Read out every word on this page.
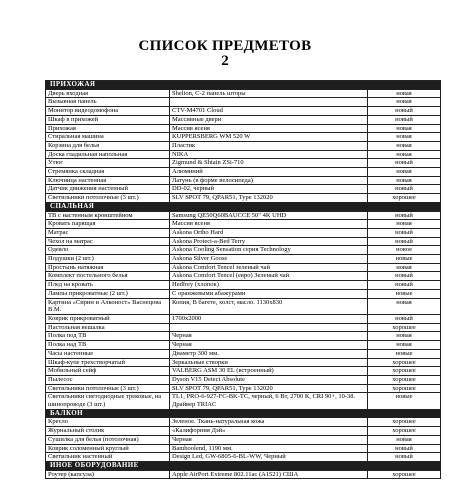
СПИСОК ПРЕДМЕТОВ
2
ПРИХОЖАЯ		
Дверь входная	Shelion, C-2 панель шторы	новая
Вызывная панель		новая
Монитор видеодомофона	CTV-M4701 Cloud	новый
Шкаф в прихожей	Массивные двери	новый
Прихожая	Массив ясеня	новая
Стиральная машина	KUPPERSBERG WM 520 W	новая
Корзина для белья	Пластик	новая
Доска гладильная напольная	NIKA	новая
Утюг	Zigmund & Shtain ZSi-710	новый
Стремянка складная	Алюминий	новая
Ключница настенная	Латунь (в форме велосипеда)	новая
Датчик движения настенный	DD-02, черный	новый
Светильники потолочные (3 шт.)	SLV SPOT 79, QPAR51, Type 132020	хорошее
СПАЛЬНАЯ		
ТВ с настенным кронштейном	Samsung QE50Q60BAUCCE 50" 4K UHD	новый
Кровать парящая	Массив ясеня	новая
Матрас	Askona Ortho Hard	новый
Чехол на матрас	Askona Protect-a-Bed Terry	новый
Одеяло	Askona Cooling Sensation серия Technology	новое
Подушки (2 шт.)	Askona Silver Goose	новые
Простынь натяжная	Askona Comfort Tencel зеленый чай	новая
Комплект постельного белья	Askona Comfort Tencel (евро) Зеленый чай	новый
Плед на кровать	Hedfrey (хлопок)	новый
Лампы прикроватные (2 шт.)	С оранжевыми абажурами	новые
Картина «Сирин и Алконост» Васнецова В.М.	Копия, В багете, холст, масло. 1130х830	новая
Коврик прикроватный	1700х2000	новый
Настольная вешалка		хорошее
Полка под ТВ	Черная	новая
Полка над ТВ	Черная	новая
Часы настенные	Диаметр 300 мм.	новые
Шкаф-купе трехстворчатый	Зеркальные створки	хорошее
Мобильный сейф	VALBERG ASM 30 EL (встроенный)	хорошее
Пылесос	Dyson V15 Detect Absolute	хорошее
Светильники потолочные (3 шт.)	SLV SPOT 79, QPAR51, Type 132020	хорошее
Светильники светодиодные трековые, на шинопроводе (3 шт.)	TL1, PRO-6-927-FC-BK-TC, черный, 6 Вт, 2700 К, CRI 90+, 10-38. Драйвер TRIAC	новые
БАЛКОН		
Кресло	Зеленое. Ткань-натуральная кожа	хорошее
Журнальный столик	«Калифорния Дэй»	хорошее
Сушилка для белья (потолочная)	Черная	новая
Коврик соломенный круглый	Bamboolend, 1190 мм.	новый
Светильник настенный	Design Led, GW-6805-6-BL-WW, Черный	новый
ИНОЕ ОБОРУДОВАНИЕ		
Роутер (капсула)	Apple AirPort Extreme 802.11ac (A1521) США	хорошее
